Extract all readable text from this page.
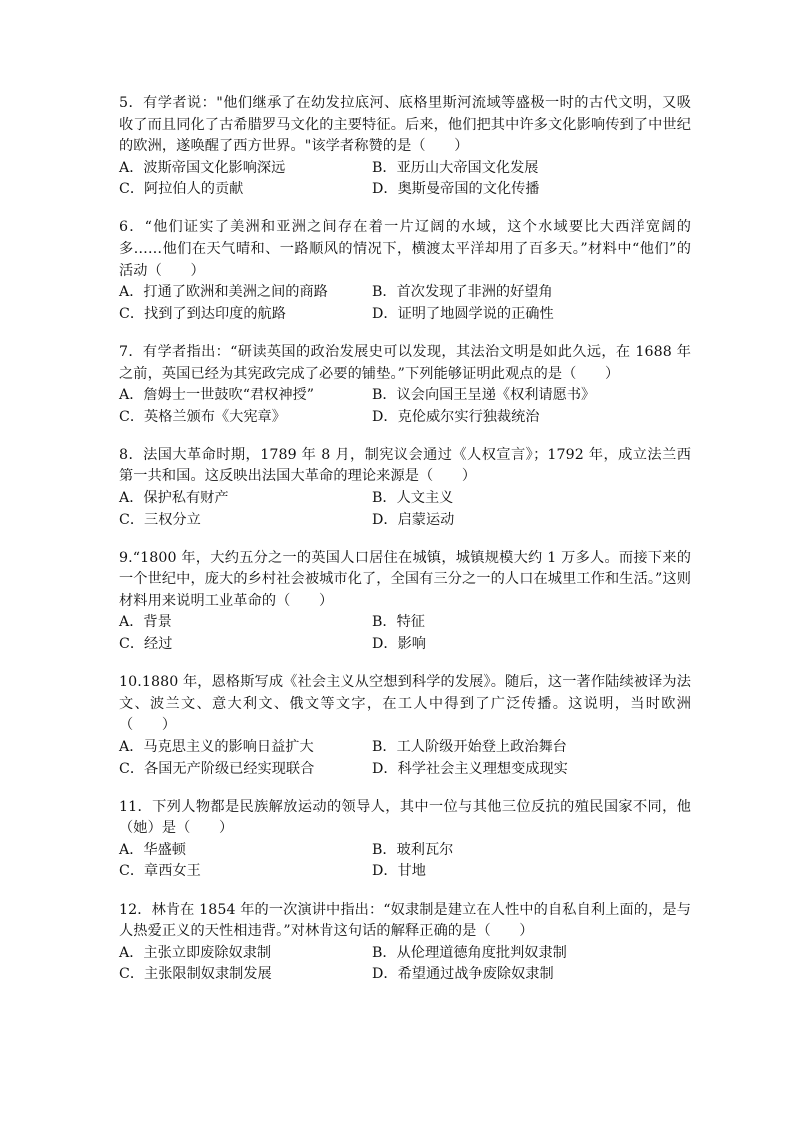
5．有学者说："他们继承了在幼发拉底河、底格里斯河流域等盛极一时的古代文明，又吸收了而且同化了古希腊罗马文化的主要特征。后来，他们把其中许多文化影响传到了中世纪的欧洲，遂唤醒了西方世界。"该学者称赞的是（　　）

A．波斯帝国文化影响深远	B．亚历山大帝国文化发展
C．阿拉伯人的贡献	D．奥斯曼帝国的文化传播

6．“他们证实了美洲和亚洲之间存在着一片辽阔的水域，这个水域要比大西洋宽阔的多……他们在天气晴和、一路顺风的情况下，横渡太平洋却用了百多天。”材料中“他们”的活动（　　）

A．打通了欧洲和美洲之间的商路	B．首次发现了非洲的好望角
C．找到了到达印度的航路	D．证明了地圆学说的正确性

7．有学者指出：“研读英国的政治发展史可以发现，其法治文明是如此久远，在 1688 年之前，英国已经为其宪政完成了必要的铺垫。”下列能够证明此观点的是（　　）

A．詹姆士一世鼓吹“君权神授”	B．议会向国王呈递《权利请愿书》
C．英格兰颁布《大宪章》	D．克伦威尔实行独裁统治

8．法国大革命时期，1789 年 8 月，制宪议会通过《人权宣言》；1792 年，成立法兰西第一共和国。这反映出法国大革命的理论来源是（　　）

A．保护私有财产	B．人文主义
C．三权分立	D．启蒙运动

9.“1800 年，大约五分之一的英国人口居住在城镇，城镇规模大约 1 万多人。而接下来的一个世纪中，庞大的乡村社会被城市化了，全国有三分之一的人口在城里工作和生活。”这则材料用来说明工业革命的（　　）

A．背景	B．特征
C．经过	D．影响

10.1880 年，恩格斯写成《社会主义从空想到科学的发展》。随后，这一著作陆续被译为法文、波兰文、意大利文、俄文等文字，在工人中得到了广泛传播。这说明，当时欧洲（　　）

A．马克思主义的影响日益扩大	B．工人阶级开始登上政治舞台
C．各国无产阶级已经实现联合	D．科学社会主义理想变成现实

11．下列人物都是民族解放运动的领导人，其中一位与其他三位反抗的殖民国家不同，他（她）是（　　）

A．华盛顿	B．玻利瓦尔
C．章西女王	D．甘地

12．林肯在 1854 年的一次演讲中指出：“奴隶制是建立在人性中的自私自利上面的，是与人热爱正义的天性相违背。”对林肯这句话的解释正确的是（　　）

A．主张立即废除奴隶制	B．从伦理道德角度批判奴隶制
C．主张限制奴隶制发展	D．希望通过战争废除奴隶制
